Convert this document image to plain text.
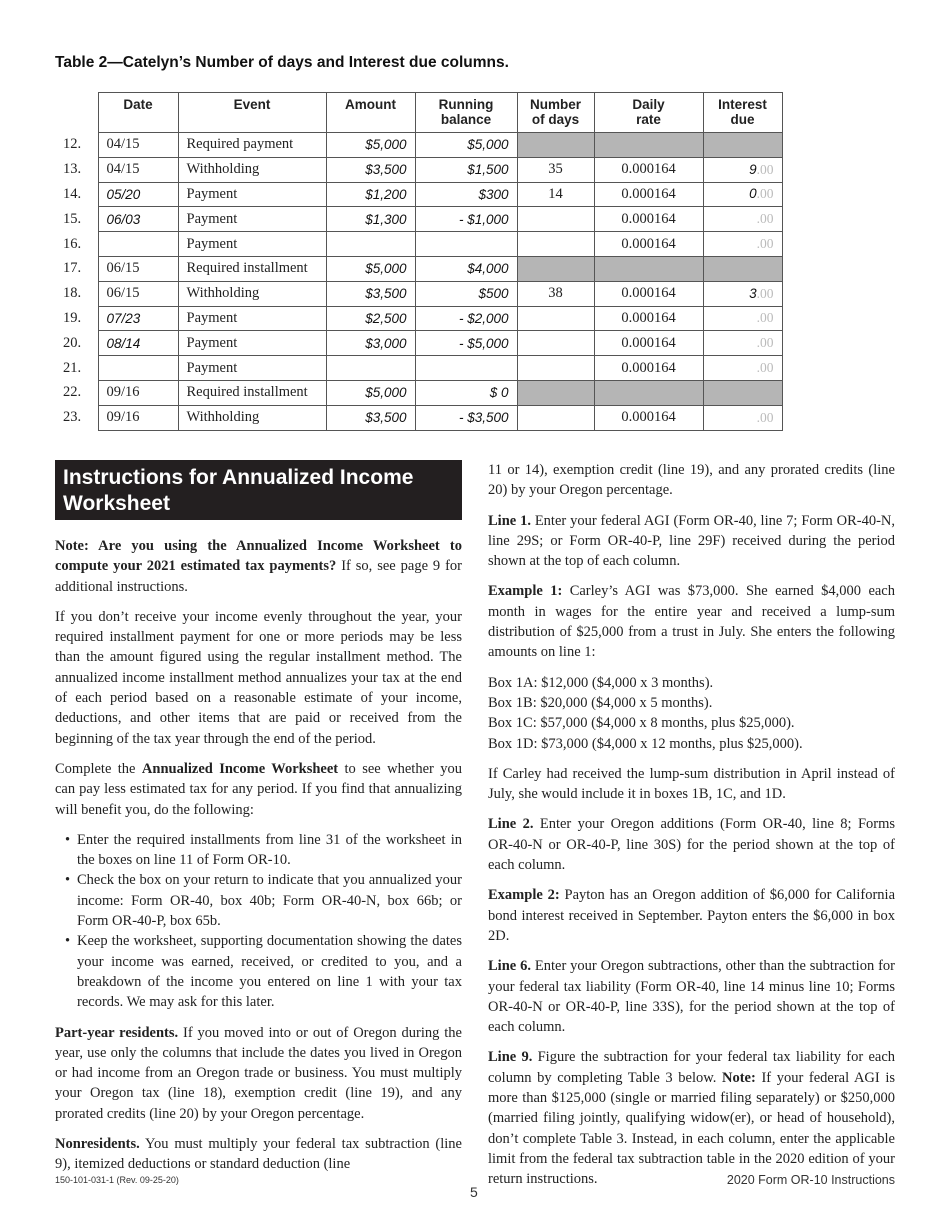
Table 2—Catelyn’s Number of days and Interest due columns.
	Date	Event	Amount	Running balance	Number of days	Daily rate	Interest due
12.	04/15	Required payment	$5,000	$5,000			
13.	04/15	Withholding	$3,500	$1,500	35	0.000164	9.00
14.	05/20	Payment	$1,200	$300	14	0.000164	0.00
15.	06/03	Payment	$1,300	- $1,000		0.000164	.00
16.		Payment				0.000164	.00
17.	06/15	Required installment	$5,000	$4,000			
18.	06/15	Withholding	$3,500	$500	38	0.000164	3.00
19.	07/23	Payment	$2,500	- $2,000		0.000164	.00
20.	08/14	Payment	$3,000	- $5,000		0.000164	.00
21.		Payment				0.000164	.00
22.	09/16	Required installment	$5,000	$ 0			
23.	09/16	Withholding	$3,500	- $3,500		0.000164	.00
Instructions for Annualized Income Worksheet

Note: Are you using the Annualized Income Worksheet to compute your 2021 estimated tax payments? If so, see page 9 for additional instructions.

If you don’t receive your income evenly throughout the year, your required installment payment for one or more periods may be less than the amount figured using the regular installment method. The annualized income installment method annualizes your tax at the end of each period based on a reasonable estimate of your income, deductions, and other items that are paid or received from the beginning of the tax year through the end of the period.

Complete the Annualized Income Worksheet to see whether you can pay less estimated tax for any period. If you find that annualizing will benefit you, do the following:

• Enter the required installments from line 31 of the worksheet in the boxes on line 11 of Form OR-10.
• Check the box on your return to indicate that you annualized your income: Form OR-40, box 40b; Form OR-40-N, box 66b; or Form OR-40-P, box 65b.
• Keep the worksheet, supporting documentation showing the dates your income was earned, received, or credited to you, and a breakdown of the income you entered on line 1 with your tax records. We may ask for this later.

Part-year residents. If you moved into or out of Oregon during the year, use only the columns that include the dates you lived in Oregon or had income from an Oregon trade or business. You must multiply your Oregon tax (line 18), exemption credit (line 19), and any prorated credits (line 20) by your Oregon percentage.

Nonresidents. You must multiply your federal tax subtraction (line 9), itemized deductions or standard deduction (line

11 or 14), exemption credit (line 19), and any prorated credits (line 20) by your Oregon percentage.

Line 1. Enter your federal AGI (Form OR-40, line 7; Form OR-40-N, line 29S; or Form OR-40-P, line 29F) received during the period shown at the top of each column.

Example 1: Carley’s AGI was $73,000. She earned $4,000 each month in wages for the entire year and received a lump-sum distribution of $25,000 from a trust in July. She enters the following amounts on line 1:

Box 1A: $12,000 ($4,000 x 3 months).
Box 1B: $20,000 ($4,000 x 5 months).
Box 1C: $57,000 ($4,000 x 8 months, plus $25,000).
Box 1D: $73,000 ($4,000 x 12 months, plus $25,000).

If Carley had received the lump-sum distribution in April instead of July, she would include it in boxes 1B, 1C, and 1D.

Line 2. Enter your Oregon additions (Form OR-40, line 8; Forms OR-40-N or OR-40-P, line 30S) for the period shown at the top of each column.

Example 2: Payton has an Oregon addition of $6,000 for California bond interest received in September. Payton enters the $6,000 in box 2D.

Line 6. Enter your Oregon subtractions, other than the subtraction for your federal tax liability (Form OR-40, line 14 minus line 10; Forms OR-40-N or OR-40-P, line 33S), for the period shown at the top of each column.

Line 9. Figure the subtraction for your federal tax liability for each column by completing Table 3 below. Note: If your federal AGI is more than $125,000 (single or married filing separately) or $250,000 (married filing jointly, qualifying widow(er), or head of household), don’t complete Table 3. Instead, in each column, enter the applicable limit from the federal tax subtraction table in the 2020 edition of your return instructions.

150-101-031-1 (Rev. 09-25-20)
5
2020 Form OR-10 Instructions
